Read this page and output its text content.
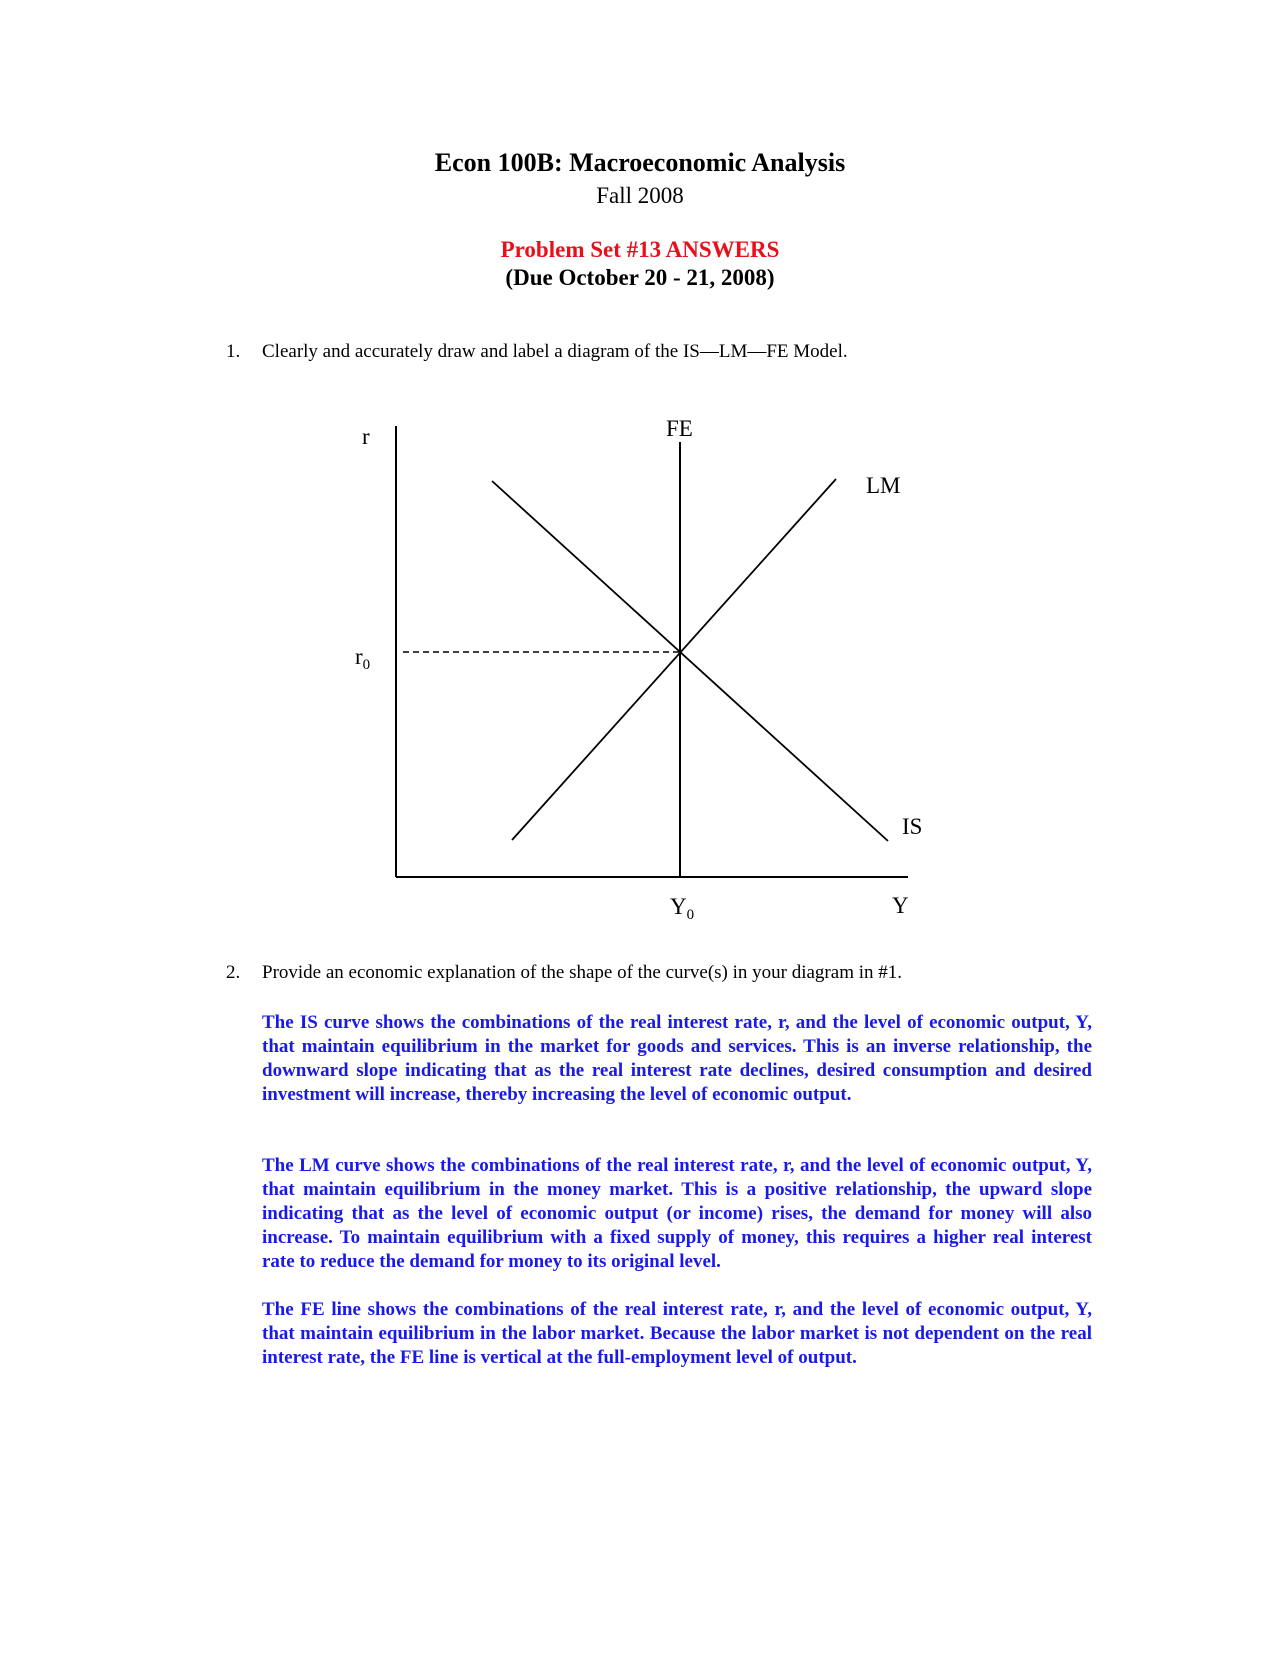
Econ 100B: Macroeconomic Analysis
Fall 2008
Problem Set #13 ANSWERS
(Due October 20 - 21, 2008)
1. Clearly and accurately draw and label a diagram of the IS—LM—FE Model.
r
$r_0$
FE
LM
IS
$Y_0$	Y
2. Provide an economic explanation of the shape of the curve(s) in your diagram in #1.

The IS curve shows the combinations of the real interest rate, r, and the level of economic output, Y, that maintain equilibrium in the market for goods and services. This is an inverse relationship, the downward slope indicating that as the real interest rate declines, desired consumption and desired investment will increase, thereby increasing the level of economic output.

The LM curve shows the combinations of the real interest rate, r, and the level of economic output, Y, that maintain equilibrium in the money market. This is a positive relationship, the upward slope indicating that as the level of economic output (or income) rises, the demand for money will also increase. To maintain equilibrium with a fixed supply of money, this requires a higher real interest rate to reduce the demand for money to its original level.

The FE line shows the combinations of the real interest rate, r, and the level of economic output, Y, that maintain equilibrium in the labor market. Because the labor market is not dependent on the real interest rate, the FE line is vertical at the full-employment level of output.
